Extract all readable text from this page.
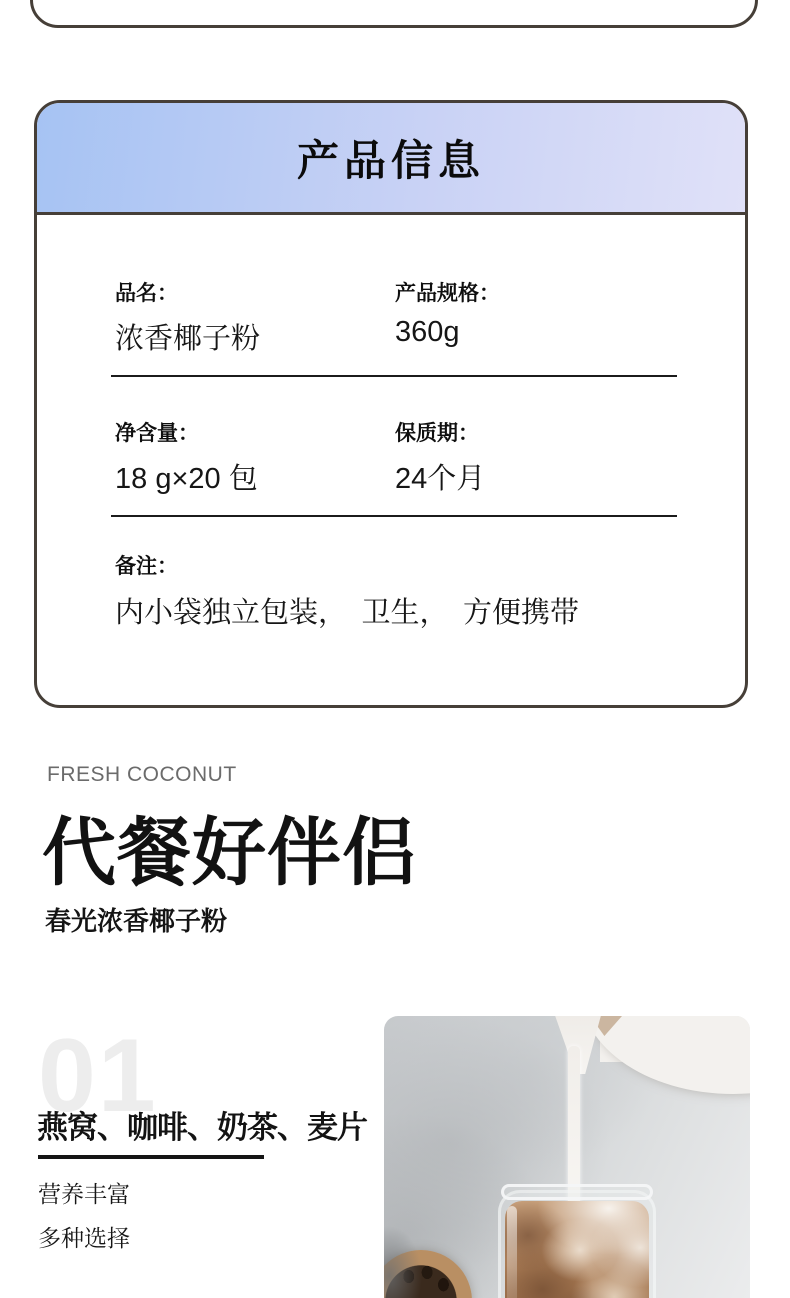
产品信息
品名：
浓香椰子粉
产品规格：
360g
净含量：
18 g×20 包
保质期：
24个月
备注：
内小袋独立包装，　卫生，　方便携带
FRESH COCONUT
代餐好伴侣
春光浓香椰子粉
01
燕窝、咖啡、奶茶、麦片

营养丰富

多种选择
